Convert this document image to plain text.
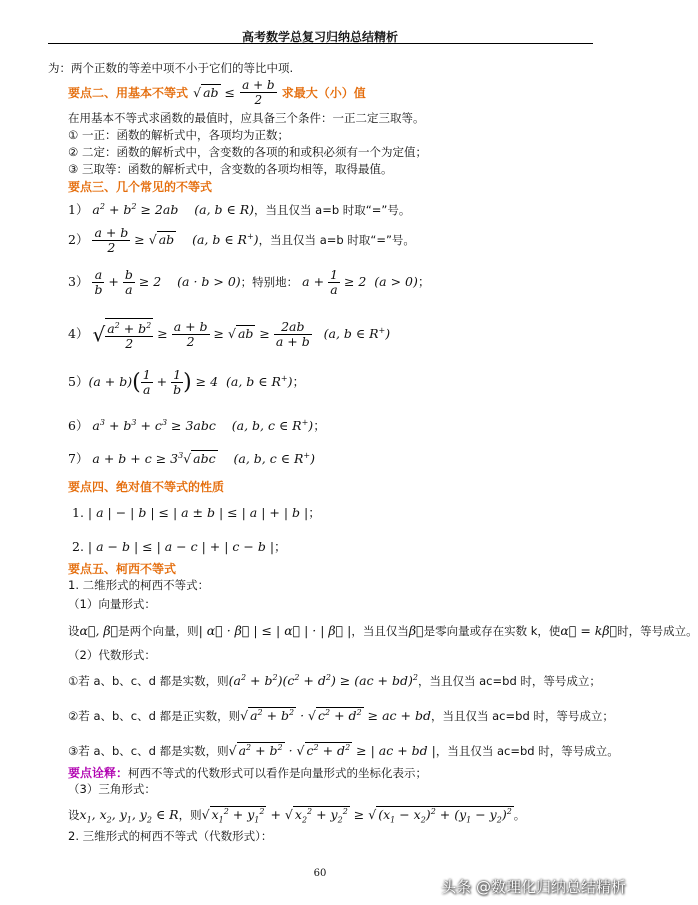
高考数学总复习归纳总结精析
为：两个正数的等差中项不小于它们的等比中项.
要点二、用基本不等式 √ ab ≤ $\frac{a + b}{2}$ 求最大（小）值
在用基本不等式求函数的最值时，应具备三个条件：一正二定三取等。
① 一正：函数的解析式中，各项均为正数；
② 二定：函数的解析式中，含变数的各项的和或积必须有一个为定值；
③ 三取等：函数的解析式中，含变数的各项均相等，取得最值。
要点三、几个常见的不等式
1） $a^2 + b^2 \ge 2ab$    (a, b ∈ R)，当且仅当 a=b 时取“=”号。
$2) \frac{a + b}{2}$ ≥ √ ab    (a, b ∈ R+)，当且仅当 a=b 时取“=”号。
$3) \frac{a}{b} + \frac{b}{a} \ge 2$    (a · b > 0)；特别地： $a + \frac{1}{a} \ge 2$  (a > 0)；
4） √ $\frac{a^2 + b^2}{2} \ge \frac{a + b}{2}$ ≥ √ ab ≥ $\frac{2ab}{a + b} (a$, b ∈ R+)
$5)(a + b)( \frac{1}{a} + \frac{1}{b}$ ) ≥ 4  (a, b ∈ R+)；
6） $a^3 + b^3 + c^3 \ge 3abc$    (a, b, c ∈ R+)；
7） $a + b + c \ge 3^3√$ abc    (a, b, c ∈ R+)
要点四、绝对值不等式的性质
1. | a | − | b | ≤ | a ± b | ≤ | a | + | b |；
2. | a − b | ≤ | a − c | + | c − b |；
要点五、柯西不等式
1. 二维形式的柯西不等式：
（1）向量形式：
设α⃗, β⃗是两个向量，则| α⃗ · β⃗ | ≤ | α⃗ | · | β⃗ |，当且仅当β⃗是零向量或存在实数 k，使α⃗ = kβ⃗时，等号成立。
（2）代数形式：
①若 a、b、c、d 都是实数，则$(a^2 + b^2)(c^2 + d^2) \ge (ac + bd)^2$，当且仅当 ac=bd 时，等号成立；
②若 a、b、c、d 都是正实数，则√ $a^2 + b^2$ · √ $c^2 + d^2$ ≥ ac + bd，当且仅当 ac=bd 时，等号成立；
③若 a、b、c、d 都是实数，则√ $a^2 + b^2$ · √ $c^2 + d^2$ ≥ | ac + bd |，当且仅当 ac=bd 时，等号成立。
要点诠释：柯西不等式的代数形式可以看作是向量形式的坐标化表示；
（3）三角形式：
设$x_1$, $x_2$, $y_1$, $y_2$ ∈ R，则√ $x_1^2 + y_1^2$ + √ $x_2^2 + y_2^2$ ≥ √ $(x_1 - x_2)^2 + (y_1 - y_2)^2$ 。
2. 三维形式的柯西不等式（代数形式）：
60
头条 @数理化归纳总结精析
